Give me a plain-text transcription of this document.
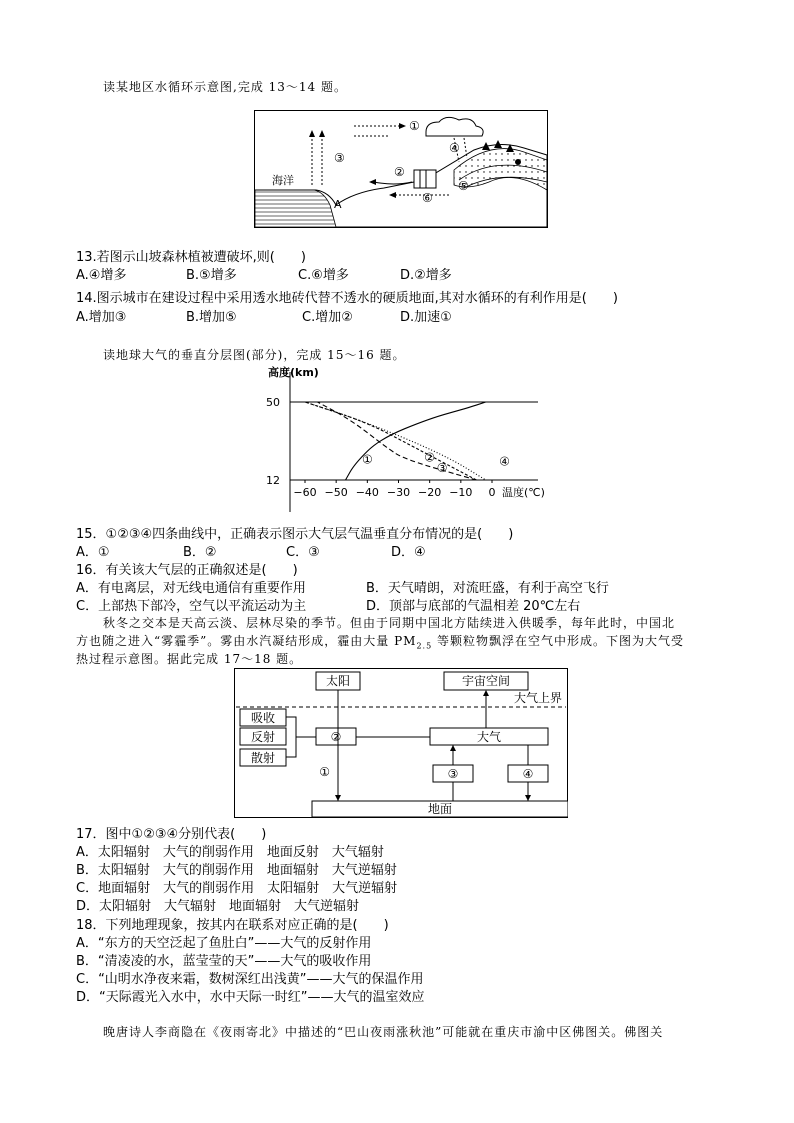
读某地区水循环示意图,完成 13～14 题。
①
②
③
④
⑤
⑥
海洋
A
13.若图示山坡森林植被遭破坏,则(　　)
A.④增多	B.⑤增多	C.⑥增多	D.②增多
14.图示城市在建设过程中采用透水地砖代替不透水的硬质地面,其对水循环的有利作用是(　　)
A.增加③	B.增加⑤	C.增加②	D.加速①
读地球大气的垂直分层图(部分)，完成 15～16 题。
高度(km)
12
50
−60 −50 −40 −30 −20 −10 0 温度(℃)
①	②
③	④
15．①②③④四条曲线中，正确表示图示大气层气温垂直分布情况的是(　　)
A．①	B．②	C．③	D．④
16．有关该大气层的正确叙述是(　　)
A．有电离层，对无线电通信有重要作用	B．天气晴朗，对流旺盛，有利于高空飞行
C．上部热下部冷，空气以平流运动为主	D．顶部与底部的气温相差 20℃左右
秋冬之交本是天高云淡、层林尽染的季节。但由于同期中国北方陆续进入供暖季，每年此时，中国北
方也随之进入“雾霾季”。雾由水汽凝结形成，霾由大量 $PM_{2.5}$ 等颗粒物飘浮在空气中形成。下图为大气受
热过程示意图。据此完成 17～18 题。
太阳	宇宙空间
大气上界
吸收
反射
散射
②	大气
①	③	④
地面
17．图中①②③④分别代表(　　)
A．太阳辐射　大气的削弱作用　地面反射　大气辐射
B．太阳辐射　大气的削弱作用　地面辐射　大气逆辐射
C．地面辐射　大气的削弱作用　太阳辐射　大气逆辐射
D．太阳辐射　大气辐射　地面辐射　大气逆辐射
18．下列地理现象，按其内在联系对应正确的是(　　)
A．“东方的天空泛起了鱼肚白”——大气的反射作用
B．“清凌凌的水，蓝莹莹的天”——大气的吸收作用
C．“山明水净夜来霜，数树深红出浅黄”——大气的保温作用
D．“天际霞光入水中，水中天际一时红”——大气的温室效应
晚唐诗人李商隐在《夜雨寄北》中描述的“巴山夜雨涨秋池”可能就在重庆市渝中区佛图关。佛图关
